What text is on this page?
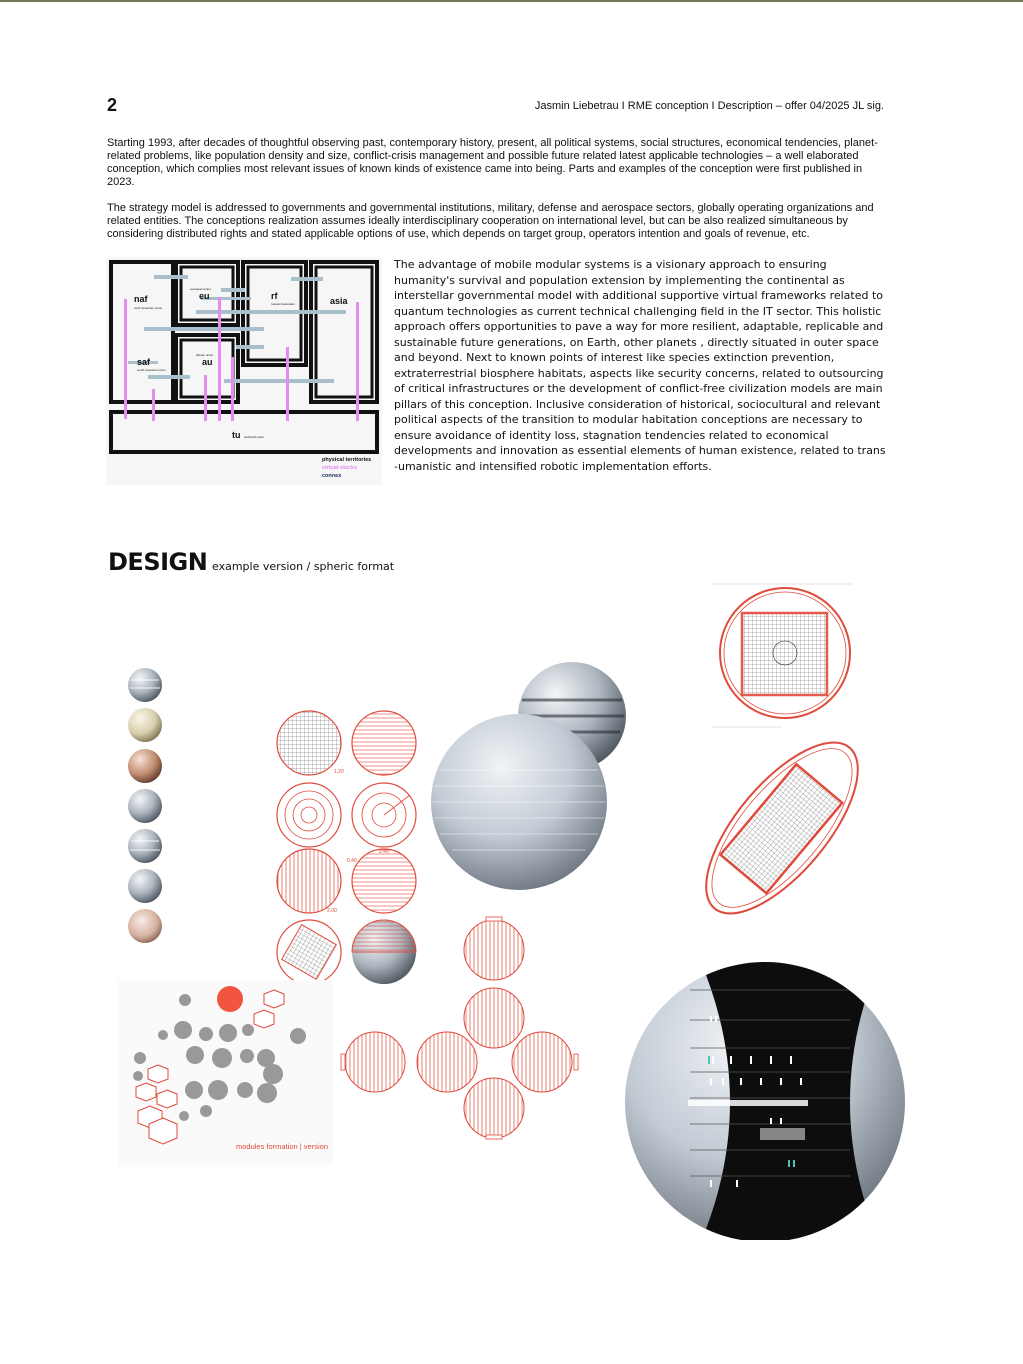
2	Jasmin Liebetrau I RME conception I Description – offer 04/2025 JL sig.

Starting 1993, after decades of thoughtful observing past, contemporary history, present, all political systems, social structures, economical tendencies, planet-related problems, like population density and size, conflict-crisis management and possible future related latest applicable technologies – a well elaborated conception, which complies most relevant issues of known kinds of existence came into being. Parts and examples of the conception were first published in 2023.

The strategy model is addressed to governments and governmental institutions, military, defense and aerospace sectors, globally operating organizations and related entities. The conceptions realization assumes ideally interdisciplinary cooperation on international level, but can be also realized simultaneous by considering distributed rights and stated applicable options of use, which depends on target group, operators intention and goals of revenue, etc.

naf
north american union
eu
european union
rf
russian federation	asia
saf
south american union
au
african union
tu technical union
physical territories
virtual stacks
connex

The advantage of mobile modular systems is a visionary approach to ensuring humanity's survival and population extension by implementing the continental as interstellar governmental model with additional supportive virtual frameworks related to quantum technologies as current technical challenging field in the IT sector. This holistic approach offers opportunities to pave a way for more resilient, adaptable, replicable and sustainable future generations, on Earth, other planets , directly situated in outer space and beyond. Next to known points of interest like species extinction prevention, extraterrestrial biosphere habitats, aspects like security concerns, related to outsourcing of critical infrastructures or the development of conflict-free civilization models are main pillars of this conception. Inclusive consideration of historical, sociocultural and relevant political aspects of the transition to modular habitation conceptions are necessary to ensure avoidance of identity loss, stagnation tendencies related to economical developments and innovation as essential elements of human existence, related to trans -umanistic and intensified robotic implementation efforts.

DESIGN example version / spheric format
1,20
2,40
0,40
2,00
modules formation | version
